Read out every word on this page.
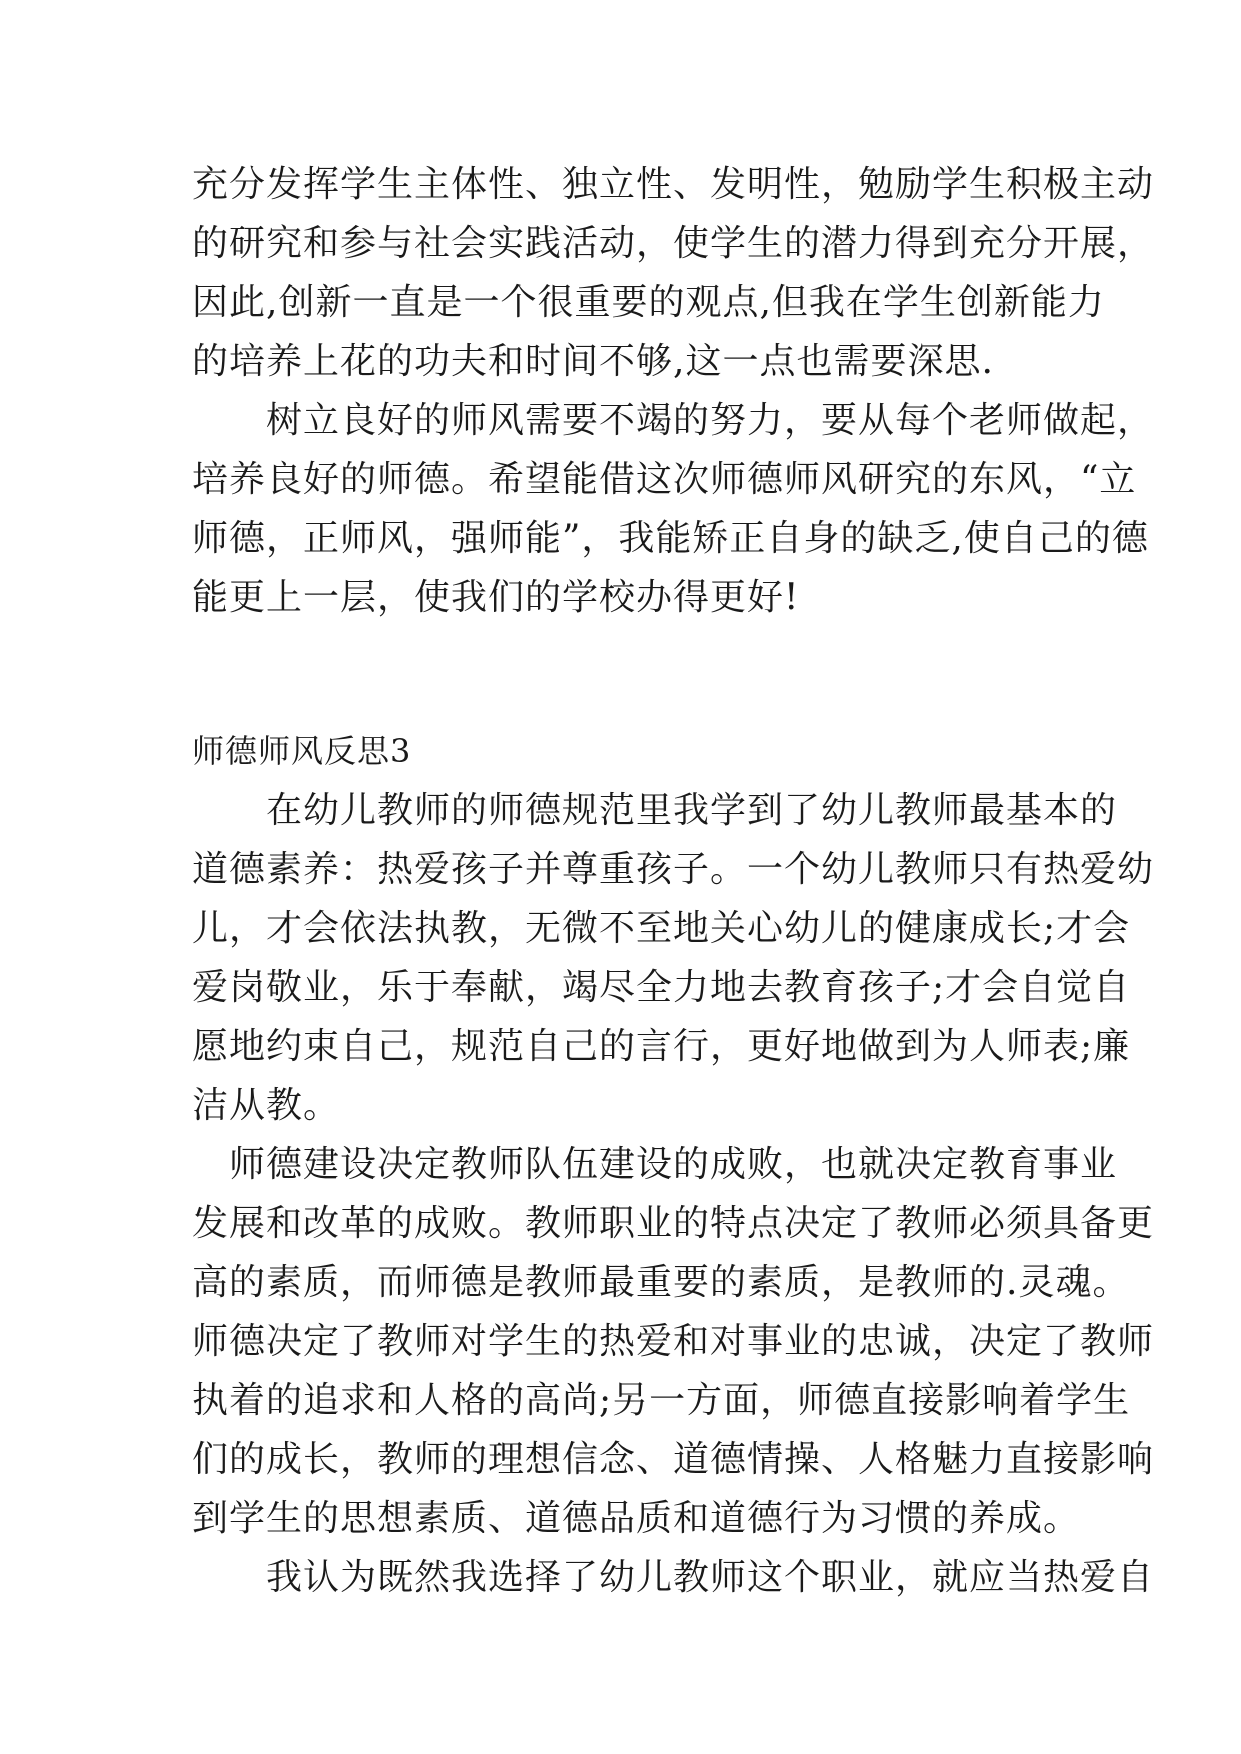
充分发挥学生主体性、独立性、发明性，勉励学生积极主动
的研究和参与社会实践活动，使学生的潜力得到充分开展，
因此,创新一直是一个很重要的观点,但我在学生创新能力
的培养上花的功夫和时间不够,这一点也需要深思.
　　树立良好的师风需要不竭的努力，要从每个老师做起，
培养良好的师德。希望能借这次师德师风研究的东风，“立
师德，正师风，强师能”，我能矫正自身的缺乏,使自己的德
能更上一层，使我们的学校办得更好!
师德师风反思3
　　在幼儿教师的师德规范里我学到了幼儿教师最基本的
道德素养：热爱孩子并尊重孩子。一个幼儿教师只有热爱幼
儿，才会依法执教，无微不至地关心幼儿的健康成长;才会
爱岗敬业，乐于奉献，竭尽全力地去教育孩子;才会自觉自
愿地约束自己，规范自己的言行，更好地做到为人师表;廉
洁从教。
　师德建设决定教师队伍建设的成败，也就决定教育事业
发展和改革的成败。教师职业的特点决定了教师必须具备更
高的素质，而师德是教师最重要的素质，是教师的.灵魂。
师德决定了教师对学生的热爱和对事业的忠诚，决定了教师
执着的追求和人格的高尚;另一方面，师德直接影响着学生
们的成长，教师的理想信念、道德情操、人格魅力直接影响
到学生的思想素质、道德品质和道德行为习惯的养成。
　　我认为既然我选择了幼儿教师这个职业，就应当热爱自
